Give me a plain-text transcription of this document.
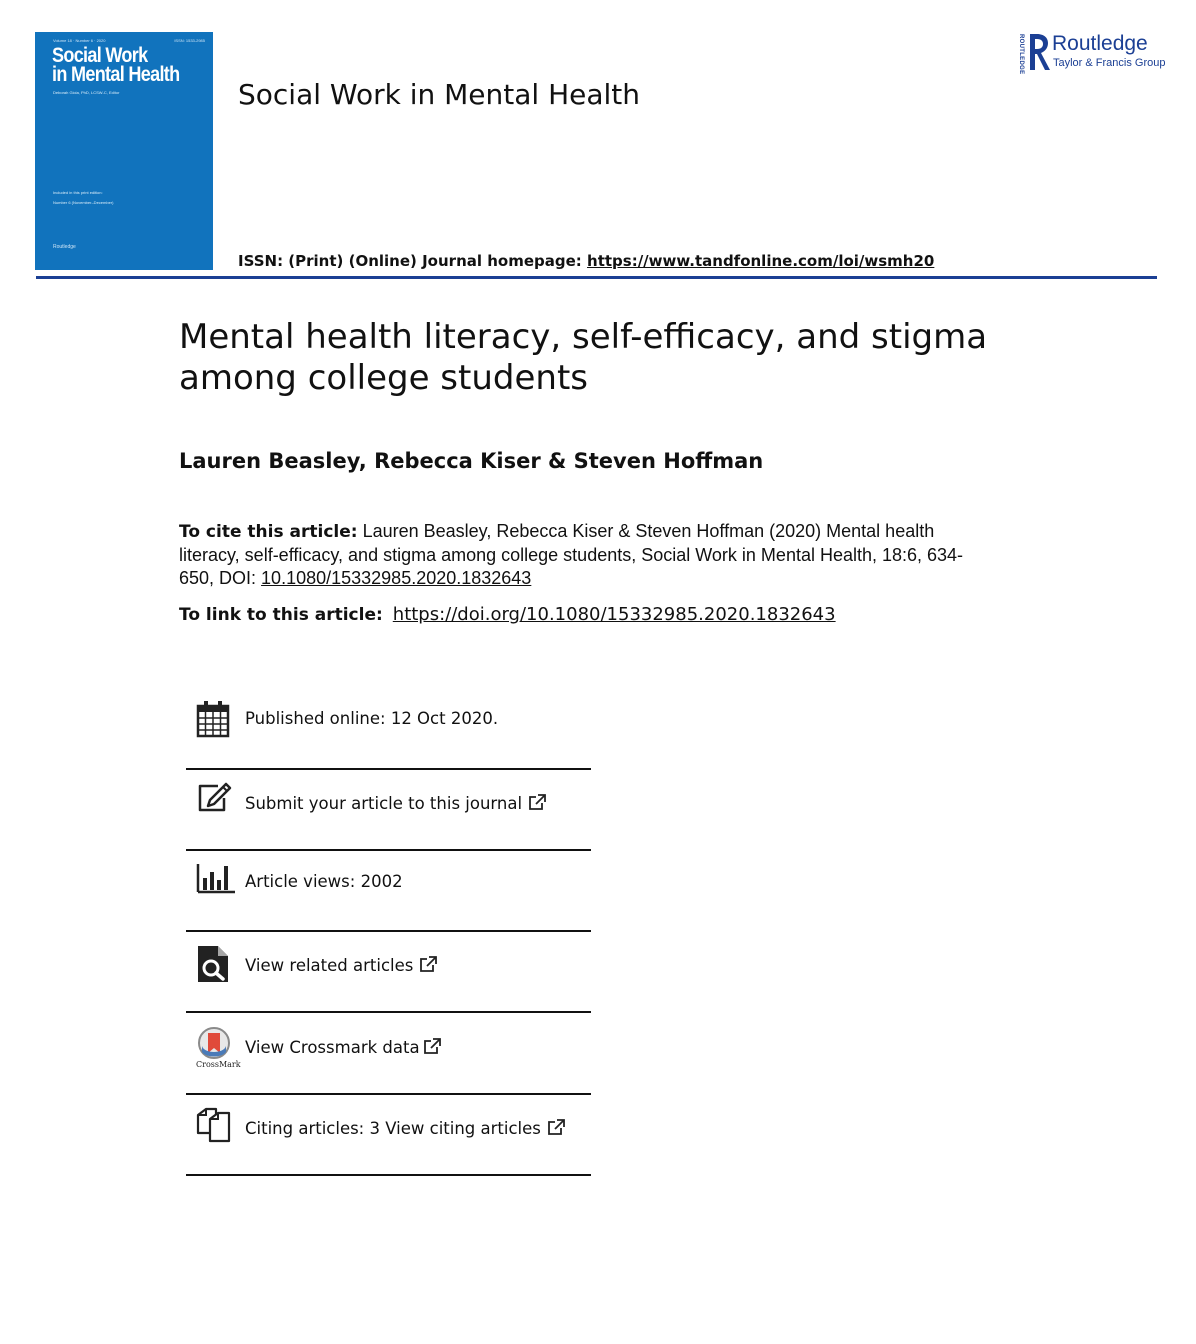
Volume 18 · Number 6 · 2020	ISSN: 1533-2985
Social Work
in Mental Health
Deborah Gioia, PhD, LCSW-C, Editor
Included in this print edition:
Number 6 (November–December)
Routledge
Social Work in Mental Health
ROUTLEDGE Routledge
Taylor & Francis Group
ISSN: (Print) (Online) Journal homepage: https://www.tandfonline.com/loi/wsmh20
Mental health literacy, self-efficacy, and stigma among college students
Lauren Beasley, Rebecca Kiser & Steven Hoffman
To cite this article: Lauren Beasley, Rebecca Kiser & Steven Hoffman (2020) Mental health literacy, self-efficacy, and stigma among college students, Social Work in Mental Health, 18:6, 634-650, DOI: 10.1080/15332985.2020.1832643
To link to this article: https://doi.org/10.1080/15332985.2020.1832643
Published online: 12 Oct 2020.
Submit your article to this journal
Article views: 2002
View related articles
CrossMark
View Crossmark data
Citing articles: 3 View citing articles
